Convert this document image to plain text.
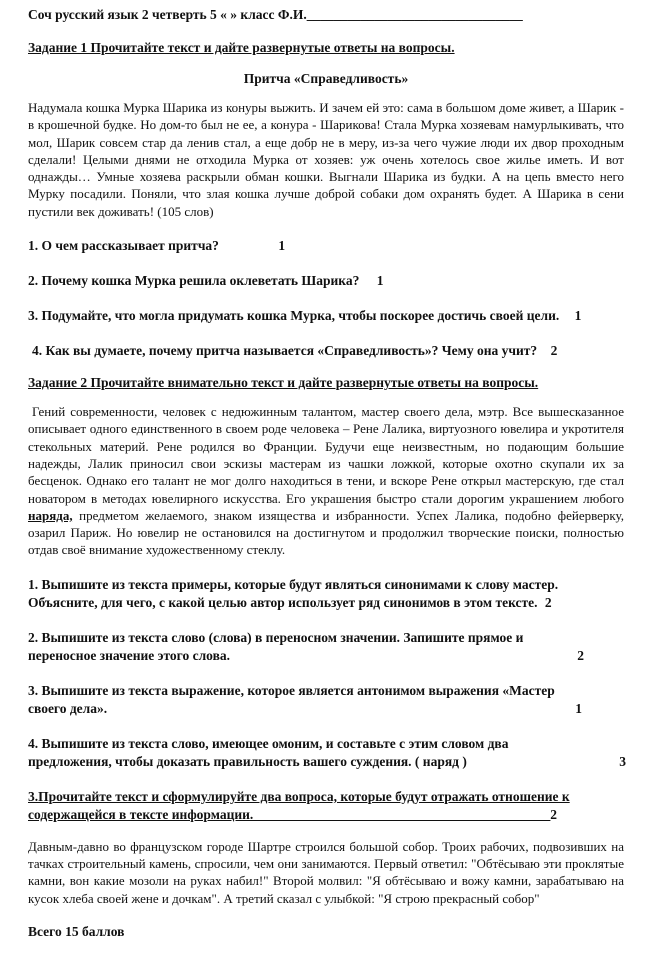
Соч русский язык 2 четверть 5 « » класс Ф.И.________________________________

Задание 1 Прочитайте текст и дайте развернутые ответы на вопросы.

Притча «Справедливость»

Надумала кошка Мурка Шарика из конуры выжить. И зачем ей это: сама в большом доме живет, а Шарик - в крошечной будке. Но дом-то был не ее, а конура - Шарикова! Стала Мурка хозяевам намурлыкивать, что мол, Шарик совсем стар да ленив стал, а еще добр не в меру, из-за чего чужие люди их двор проходным сделали! Целыми днями не отходила Мурка от хозяев: уж очень хотелось свое жилье иметь. И вот однажды… Умные хозяева раскрыли обман кошки. Выгнали Шарика из будки. А на цепь вместо него Мурку посадили. Поняли, что злая кошка лучше доброй собаки дом охранять будет. А Шарика в сени пустили век доживать! (105 слов)

1. О чем рассказывает притча?	1

2. Почему кошка Мурка решила оклеветать Шарика? 1

3. Подумайте, что могла придумать кошка Мурка, чтобы поскорее достичь своей цели. 1

4. Как вы думаете, почему притча называется «Справедливость»? Чему она учит? 2

Задание 2 Прочитайте внимательно текст и дайте развернутые ответы на вопросы.

Гений современности, человек с недюжинным талантом, мастер своего дела, мэтр. Все вышесказанное описывает одного единственного в своем роде человека – Рене Лалика, виртуозного ювелира и укротителя стекольных материй. Рене родился во Франции. Будучи еще неизвестным, но подающим большие надежды, Лалик приносил свои эскизы мастерам из чашки ложкой, которые охотно скупали их за бесценок. Однако его талант не мог долго находиться в тени, и вскоре Рене открыл мастерскую, где стал новатором в методах ювелирного искусства. Его украшения быстро стали дорогим украшением любого наряда, предметом желаемого, знаком изящества и избранности. Успех Лалика, подобно фейерверку, озарил Париж. Но ювелир не остановился на достигнутом и продолжил творческие поиски, полностью отдав своё внимание художественному стеклу.

1. Выпишите из текста примеры, которые будут являться синонимами к слову мастер.
Объясните, для чего, с какой целью автор использует ряд синонимов в этом тексте. 2
2. Выпишите из текста слово (слова) в переносном значении. Запишите прямое и
переносное значение этого слова.	2
3. Выпишите из текста выражение, которое является антонимом выражения «Мастер
своего дела».	1
4. Выпишите из текста слово, имеющее омоним, и составьте с этим словом два
предложения, чтобы доказать правильность вашего суждения. ( наряд )	3
3.Прочитайте текст и сформулируйте два вопроса, которые будут отражать отношение к
содержащейся в тексте информации.____________________________________________2

Давным-давно во французском городе Шартре строился большой собор. Троих рабочих, подвозивших на тачках строительный камень, спросили, чем они занимаются. Первый ответил: "Обтёсываю эти проклятые камни, вон какие мозоли на руках набил!" Второй молвил: "Я обтёсываю и вожу камни, зарабатываю на кусок хлеба своей жене и дочкам". А третий сказал с улыбкой: "Я строю прекрасный собор"

Всего 15 баллов
